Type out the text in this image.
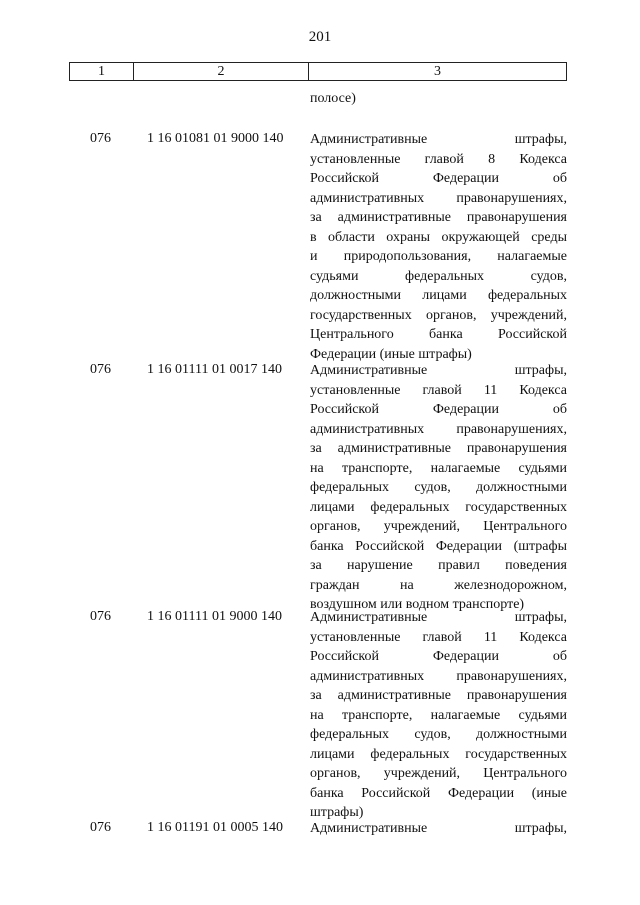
201
1	2	3
полосе)
076	1 16 01081 01 9000 140 Административные штрафы,
установленные главой 8 Кодекса
Российской Федерации об
административных правонарушениях,
за административные правонарушения
в области охраны окружающей среды
и природопользования, налагаемые
судьями федеральных судов,
должностными лицами федеральных
государственных органов, учреждений,
Центрального банка Российской
Федерации (иные штрафы)
076	1 16 01111 01 0017 140 Административные штрафы,
установленные главой 11 Кодекса
Российской Федерации об
административных правонарушениях,
за административные правонарушения
на транспорте, налагаемые судьями
федеральных судов, должностными
лицами федеральных государственных
органов, учреждений, Центрального
банка Российской Федерации (штрафы
за нарушение правил поведения
граждан на железнодорожном,
воздушном или водном транспорте)
076	1 16 01111 01 9000 140 Административные штрафы,
установленные главой 11 Кодекса
Российской Федерации об
административных правонарушениях,
за административные правонарушения
на транспорте, налагаемые судьями
федеральных судов, должностными
лицами федеральных государственных
органов, учреждений, Центрального
банка Российской Федерации (иные
штрафы)
076	1 16 01191 01 0005 140 Административные штрафы,
